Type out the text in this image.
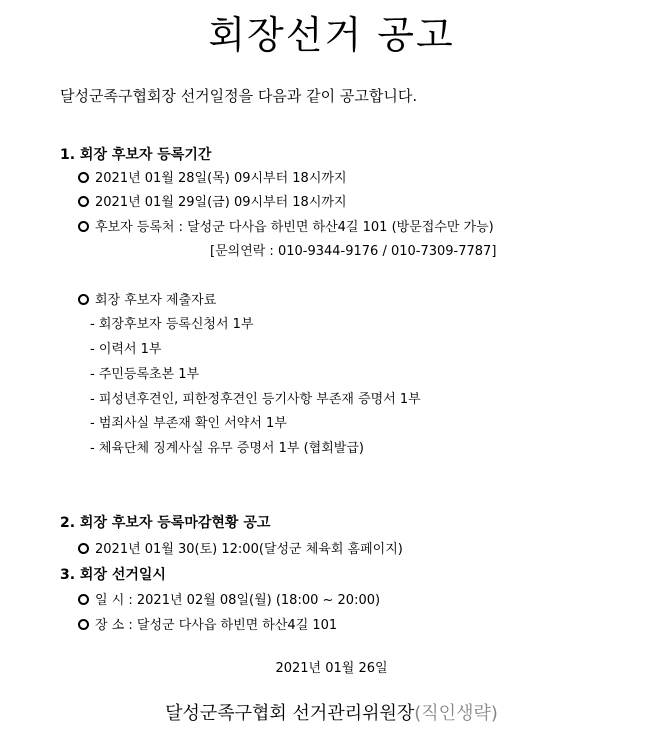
회장선거 공고
달성군족구협회장 선거일정을 다음과 같이 공고합니다.
1. 회장 후보자 등록기간
2021년 01월 28일(목) 09시부터 18시까지
2021년 01월 29일(금) 09시부터 18시까지
후보자 등록처 : 달성군 다사읍 하빈면 하산4길 101 (방문접수만 가능)
[문의연락 : 010-9344-9176 / 010-7309-7787]
회장 후보자 제출자료
- 회장후보자 등록신청서 1부
- 이력서 1부
- 주민등록초본 1부
- 피성년후견인, 피한정후견인 등기사항 부존재 증명서 1부
- 범죄사실 부존재 확인 서약서 1부
- 체육단체 징계사실 유무 증명서 1부 (협회발급)
2. 회장 후보자 등록마감현황 공고
2021년 01월 30(토) 12:00(달성군 체육회 홈페이지)
3. 회장 선거일시
일 시 : 2021년 02월 08일(월) (18:00 ~ 20:00)
장 소 : 달성군 다사읍 하빈면 하산4길 101
2021년 01월 26일
달성군족구협회 선거관리위원장(직인생략)
